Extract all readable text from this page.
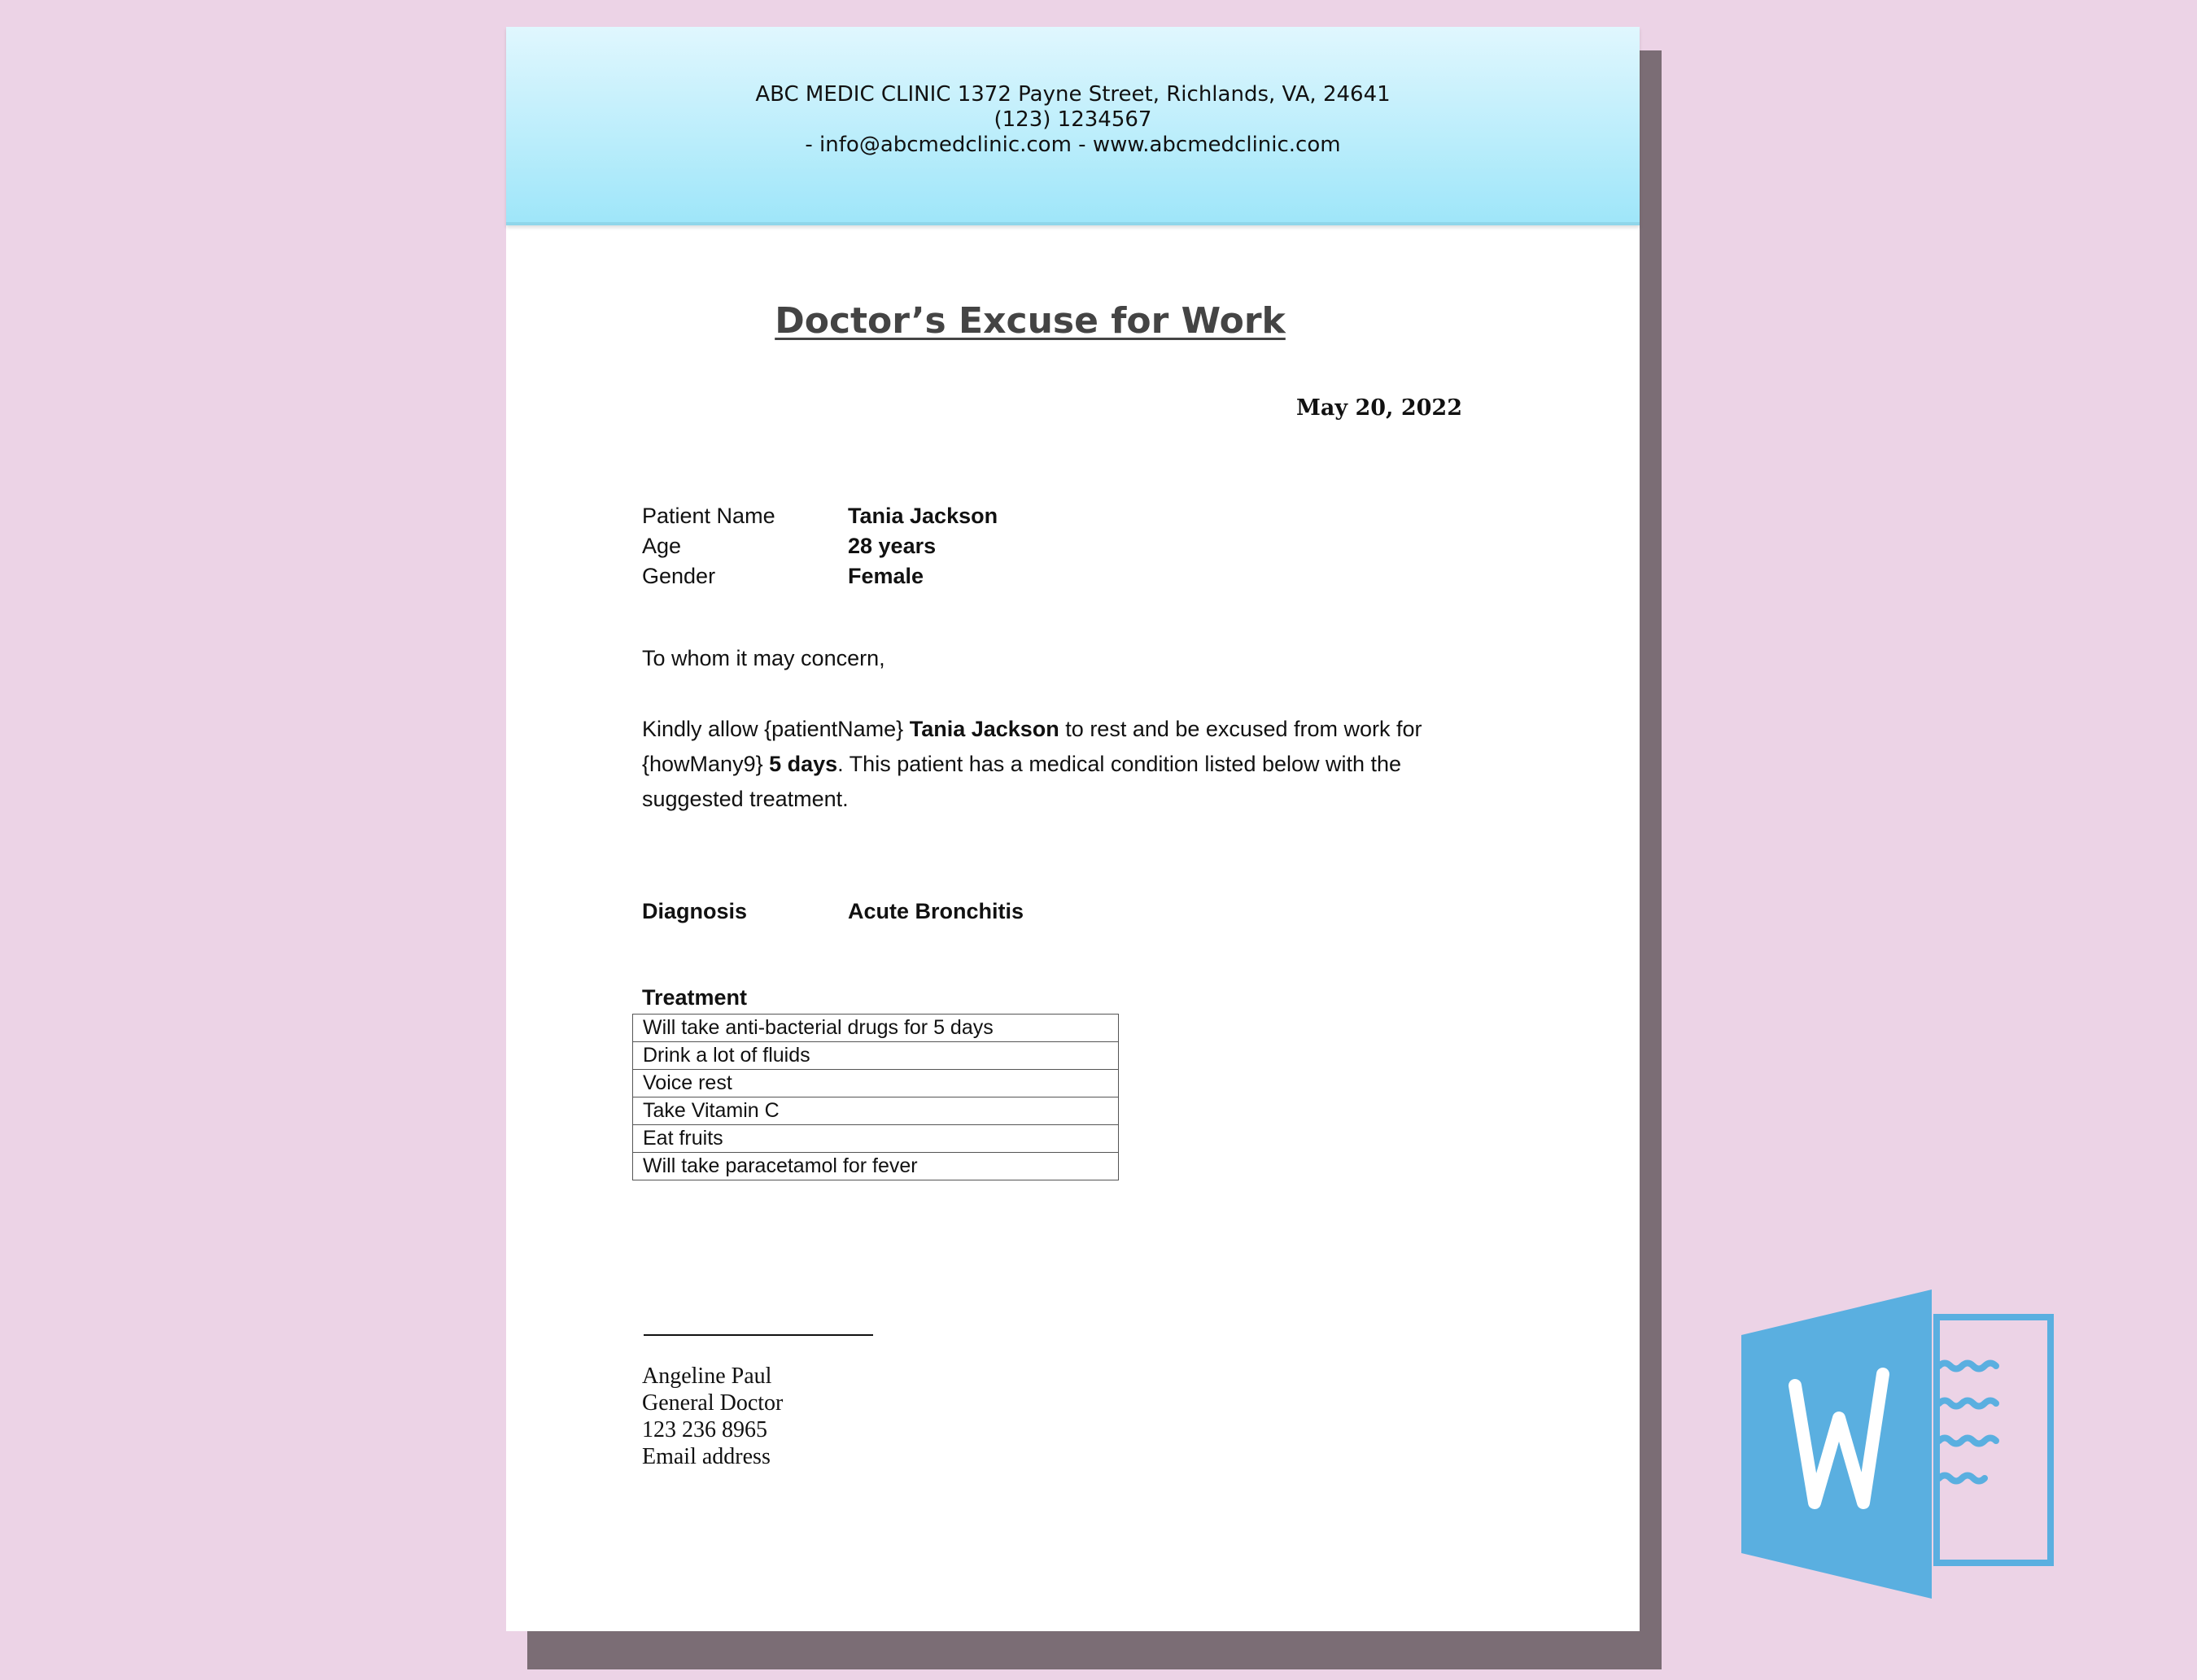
ABC MEDIC CLINIC 1372 Payne Street, Richlands, VA, 24641
(123) 1234567
- info@abcmedclinic.com - www.abcmedclinic.com
Doctor’s Excuse for Work
May 20, 2022
Patient Name	Tania Jackson
Age	28 years
Gender	Female
To whom it may concern,
Kindly allow {patientName} Tania Jackson to rest and be excused from work for
{howMany9} 5 days. This patient has a medical condition listed below with the
suggested treatment.
Diagnosis	Acute Bronchitis
Treatment
Will take anti-bacterial drugs for 5 days
Drink a lot of fluids
Voice rest
Take Vitamin C
Eat fruits
Will take paracetamol for fever
Angeline Paul
General Doctor
123 236 8965
Email address
